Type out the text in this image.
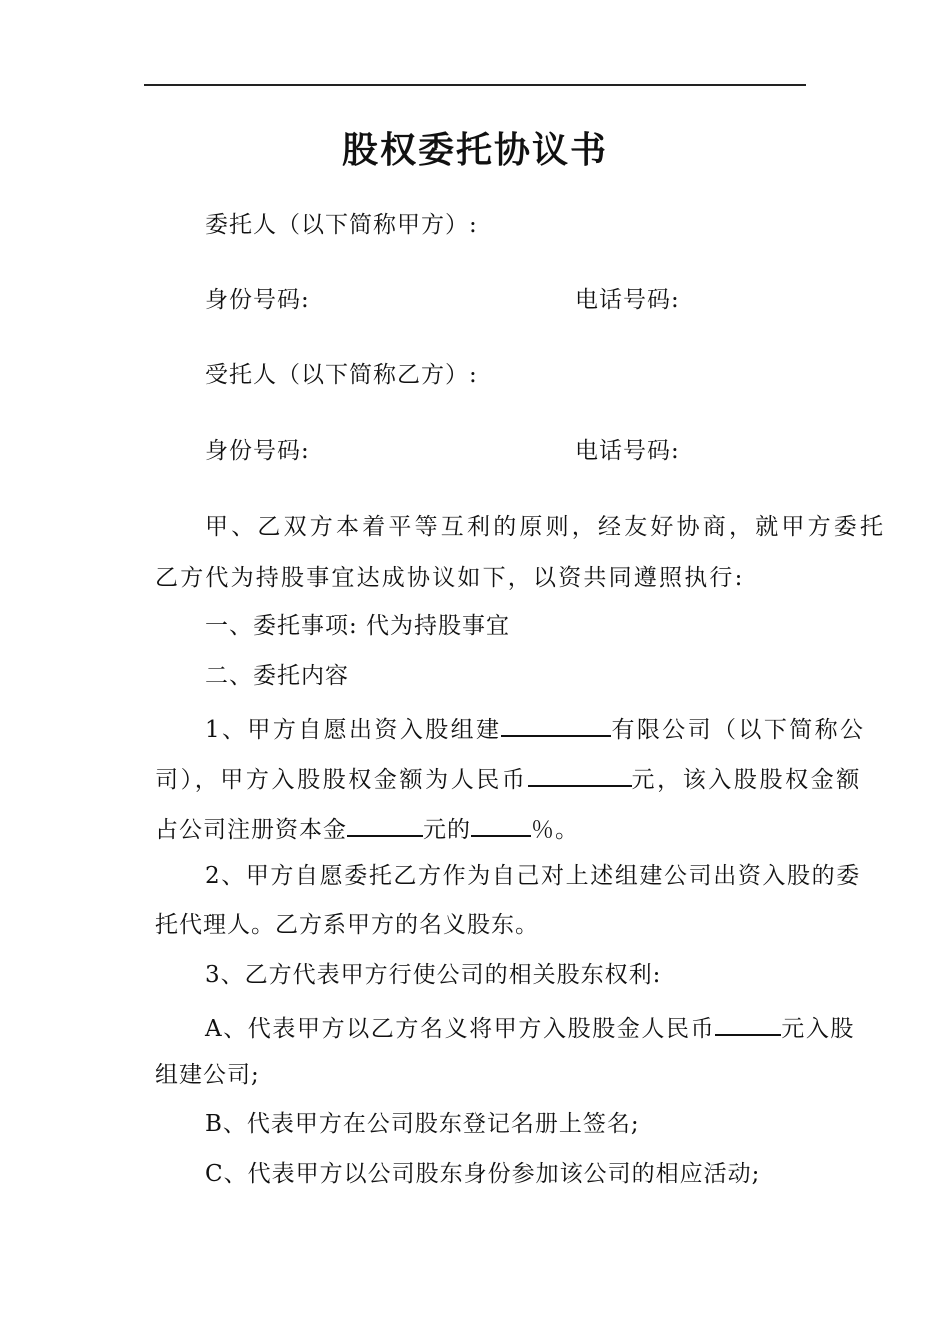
股权委托协议书
委托人（以下简称甲方）:
身份号码:	电话号码:
受托人（以下简称乙方）:
身份号码:	电话号码:
甲、乙双方本着平等互利的原则，经友好协商，就甲方委托
乙方代为持股事宜达成协议如下，以资共同遵照执行:
一、委托事项: 代为持股事宜
二、委托内容
1、甲方自愿出资入股组建	有限公司（以下简称公
司），甲方入股股权金额为人民币	元，该入股股权金额
占公司注册资本金	元的	％。
2、甲方自愿委托乙方作为自己对上述组建公司出资入股的委
托代理人。乙方系甲方的名义股东。
3、乙方代表甲方行使公司的相关股东权利:
A、代表甲方以乙方名义将甲方入股股金人民币	元入股
组建公司;
B、代表甲方在公司股东登记名册上签名;
C、代表甲方以公司股东身份参加该公司的相应活动;
